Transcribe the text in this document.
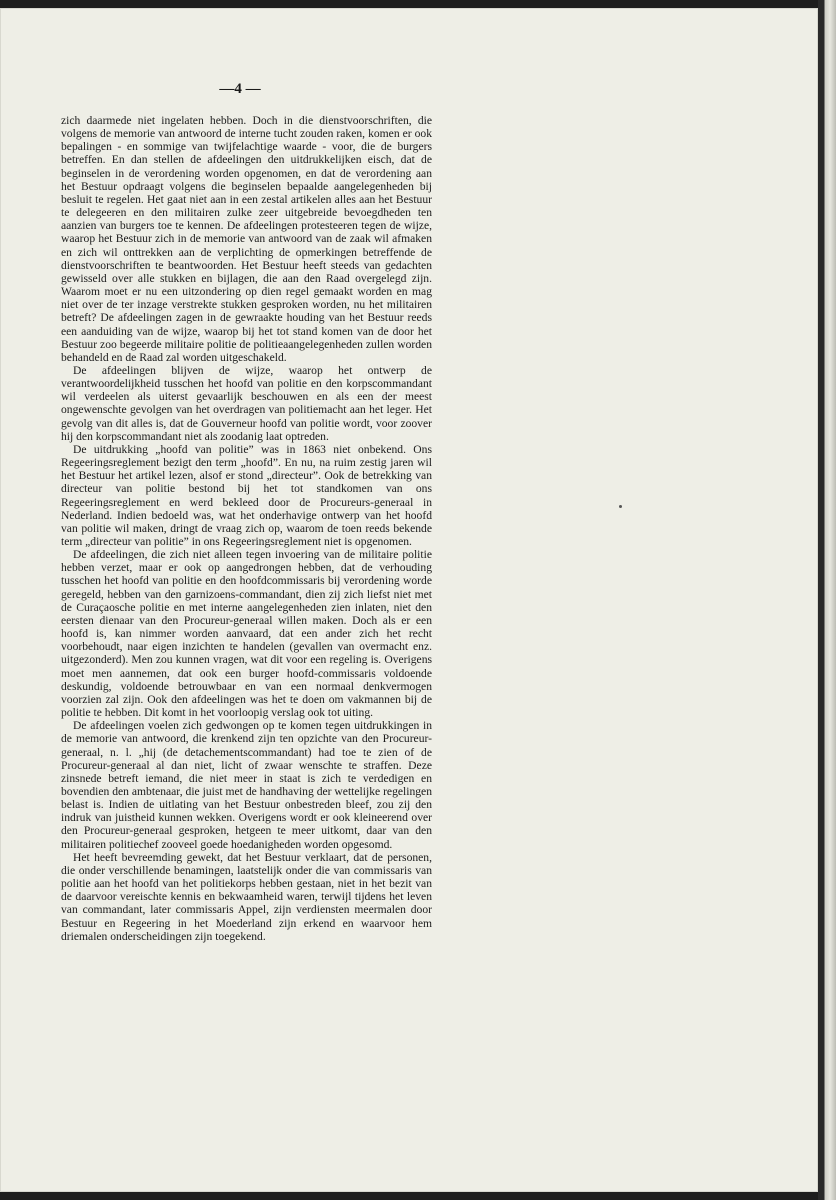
—4 —

zich daarmede niet ingelaten hebben. Doch in die dienstvoorschriften, die volgens de memorie van antwoord de interne tucht zouden raken, komen er ook bepalingen - en sommige van twijfelachtige waarde - voor, die de burgers betreffen. En dan stellen de afdeelingen den uitdrukkelijken eisch, dat de beginselen in de verordening worden opgenomen, en dat de verordening aan het Bestuur opdraagt volgens die beginselen bepaalde aangelegenheden bij besluit te regelen. Het gaat niet aan in een zestal artikelen alles aan het Bestuur te delegeeren en den militairen zulke zeer uitgebreide bevoegdheden ten aanzien van burgers toe te kennen. De afdeelingen protesteeren tegen de wijze, waarop het Bestuur zich in de memorie van antwoord van de zaak wil afmaken en zich wil onttrekken aan de verplichting de opmerkingen betreffende de dienstvoorschriften te beantwoorden. Het Bestuur heeft steeds van gedachten gewisseld over alle stukken en bijlagen, die aan den Raad overgelegd zijn. Waarom moet er nu een uitzondering op dien regel gemaakt worden en mag niet over de ter inzage verstrekte stukken gesproken worden, nu het militairen betreft? De afdeelingen zagen in de gewraakte houding van het Bestuur reeds een aanduiding van de wijze, waarop bij het tot stand komen van de door het Bestuur zoo begeerde militaire politie de politieaangelegenheden zullen worden behandeld en de Raad zal worden uitgeschakeld.

De afdeelingen blijven de wijze, waarop het ontwerp de verantwoordelijkheid tusschen het hoofd van politie en den korpscommandant wil verdeelen als uiterst gevaarlijk beschouwen en als een der meest ongewenschte gevolgen van het overdragen van politiemacht aan het leger. Het gevolg van dit alles is, dat de Gouverneur hoofd van politie wordt, voor zoover hij den korpscommandant niet als zoodanig laat optreden.

De uitdrukking „hoofd van politie” was in 1863 niet onbekend. Ons Regeeringsreglement bezigt den term „hoofd”. En nu, na ruim zestig jaren wil het Bestuur het artikel lezen, alsof er stond „directeur”. Ook de betrekking van directeur van politie bestond bij het tot standkomen van ons Regeeringsreglement en werd bekleed door de Procureurs-generaal in Nederland. Indien bedoeld was, wat het onderhavige ontwerp van het hoofd van politie wil maken, dringt de vraag zich op, waarom de toen reeds bekende term „directeur van politie” in ons Regeeringsreglement niet is opgenomen.

De afdeelingen, die zich niet alleen tegen invoering van de militaire politie hebben verzet, maar er ook op aangedrongen hebben, dat de verhouding tusschen het hoofd van politie en den hoofdcommissaris bij verordening worde geregeld, hebben van den garnizoens-commandant, dien zij zich liefst niet met de Curaçaosche politie en met interne aangelegenheden zien inlaten, niet den eersten dienaar van den Procureur-generaal willen maken. Doch als er een hoofd is, kan nimmer worden aanvaard, dat een ander zich het recht voorbehoudt, naar eigen inzichten te handelen (gevallen van overmacht enz. uitgezonderd). Men zou kunnen vragen, wat dit voor een regeling is. Overigens moet men aannemen, dat ook een burger hoofd-commissaris voldoende deskundig, voldoende betrouwbaar en van een normaal denkvermogen voorzien zal zijn. Ook den afdeelingen was het te doen om vakmannen bij de politie te hebben. Dit komt in het voorloopig verslag ook tot uiting.

De afdeelingen voelen zich gedwongen op te komen tegen uitdrukkingen in de memorie van antwoord, die krenkend zijn ten opzichte van den Procureur-generaal, n. l. „hij (de detachementscommandant) had toe te zien of de Procureur-generaal al dan niet, licht of zwaar wenschte te straffen. Deze zinsnede betreft iemand, die niet meer in staat is zich te verdedigen en bovendien den ambtenaar, die juist met de handhaving der wettelijke regelingen belast is. Indien de uitlating van het Bestuur onbestreden bleef, zou zij den indruk van juistheid kunnen wekken. Overigens wordt er ook kleineerend over den Procureur-generaal gesproken, hetgeen te meer uitkomt, daar van den militairen politiechef zooveel goede hoedanigheden worden opgesomd.

Het heeft bevreemding gewekt, dat het Bestuur verklaart, dat de personen, die onder verschillende benamingen, laatstelijk onder die van commissaris van politie aan het hoofd van het politiekorps hebben gestaan, niet in het bezit van de daarvoor vereischte kennis en bekwaamheid waren, terwijl tijdens het leven van commandant, later commissaris Appel, zijn verdiensten meermalen door Bestuur en Regeering in het Moederland zijn erkend en waarvoor hem driemalen onderscheidingen zijn toegekend.
